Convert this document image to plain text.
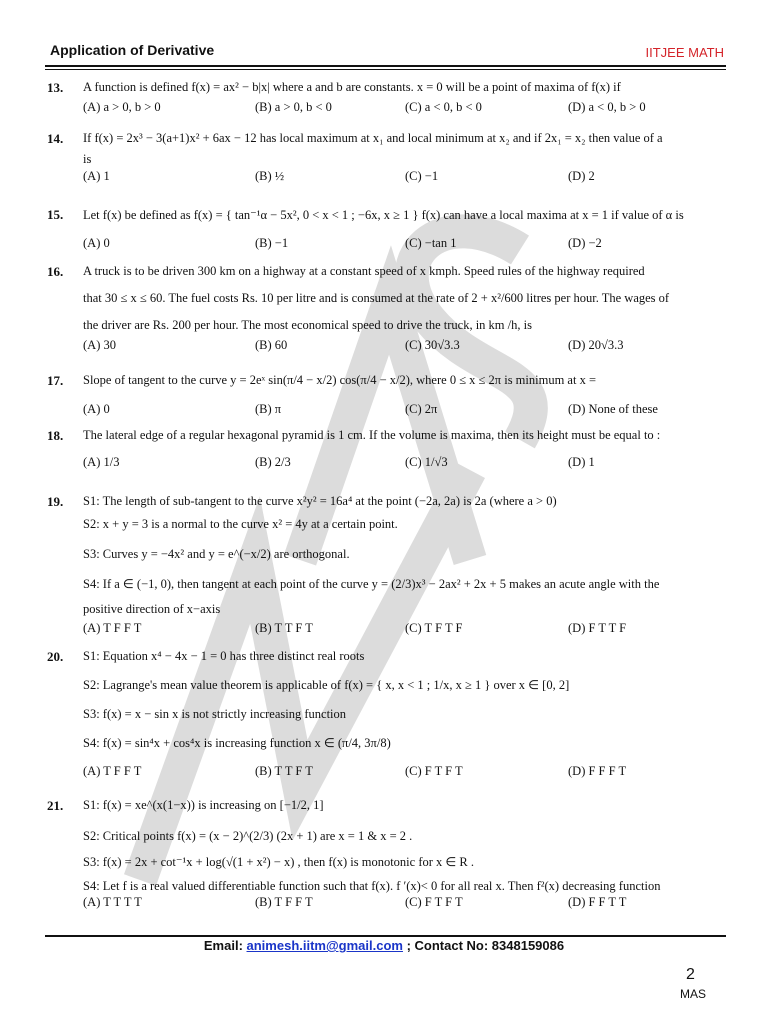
Application of Derivative	IITJEE MATH
13. A function is defined f(x) = ax² − b|x| where a and b are constants. x = 0 will be a point of maxima of f(x) if
(A) a > 0, b > 0	(B) a > 0, b < 0	(C) a < 0, b < 0	(D) a < 0, b > 0
14. If f(x) = 2x³ − 3(a+1)x² + 6ax − 12 has local maximum at x₁ and local minimum at x₂ and if 2x₁ = x₂ then value of a
is
(A) 1	(B) ½	(C) −1	(D) 2
15. Let f(x) be defined as f(x) = { tan⁻¹α − 5x², 0 < x < 1 ; −6x, x ≥ 1 } f(x) can have a local maxima at x = 1 if value of α is
(A) 0	(B) −1	(C) −tan 1	(D) −2
16. A truck is to be driven 300 km on a highway at a constant speed of x kmph. Speed rules of the highway required
that 30 ≤ x ≤ 60. The fuel costs Rs. 10 per litre and is consumed at the rate of 2 + x²/600 litres per hour. The wages of
the driver are Rs. 200 per hour. The most economical speed to drive the truck, in km /h, is
(A) 30	(B) 60	(C) 30√3.3	(D) 20√3.3
17. Slope of tangent to the curve y = 2eˣ sin(π/4 − x/2) cos(π/4 − x/2), where 0 ≤ x ≤ 2π is minimum at x =
(A) 0	(B) π	(C) 2π	(D) None of these
18. The lateral edge of a regular hexagonal pyramid is 1 cm. If the volume is maxima, then its height must be equal to :
(A) 1/3	(B) 2/3	(C) 1/√3	(D) 1
19. S1: The length of sub-tangent to the curve x²y² = 16a⁴ at the point (−2a, 2a) is 2a (where a > 0)
S2: x + y = 3 is a normal to the curve x² = 4y at a certain point.
S3: Curves y = −4x² and y = e^(−x/2) are orthogonal.
S4: If a ∈ (−1, 0), then tangent at each point of the curve y = (2/3)x³ − 2ax² + 2x + 5 makes an acute angle with the
positive direction of x−axis
(A) T F F T	(B) T T F T	(C) T F T F	(D) F T T F
20. S1: Equation x⁴ − 4x − 1 = 0 has three distinct real roots
S2: Lagrange's mean value theorem is applicable of f(x) = { x, x < 1 ; 1/x, x ≥ 1 } over x ∈ [0, 2]
S3: f(x) = x − sin x is not strictly increasing function
S4: f(x) = sin⁴x + cos⁴x is increasing function x ∈ (π/4, 3π/8)
(A) T F F T	(B) T T F T	(C) F T F T	(D) F F F T
21. S1: f(x) = xe^(x(1−x)) is increasing on [−1/2, 1]
S2: Critical points f(x) = (x − 2)^(2/3) (2x + 1) are x = 1 & x = 2 .
S3: f(x) = 2x + cot⁻¹x + log(√(1 + x²) − x) , then f(x) is monotonic for x ∈ R .
S4: Let f is a real valued differentiable function such that f(x). f ′(x)< 0 for all real x. Then f²(x) decreasing function
(A) T T T T	(B) T F F T	(C) F T F T	(D) F F T T
Email: animesh.iitm@gmail.com ; Contact No: 8348159086
2
MAS
